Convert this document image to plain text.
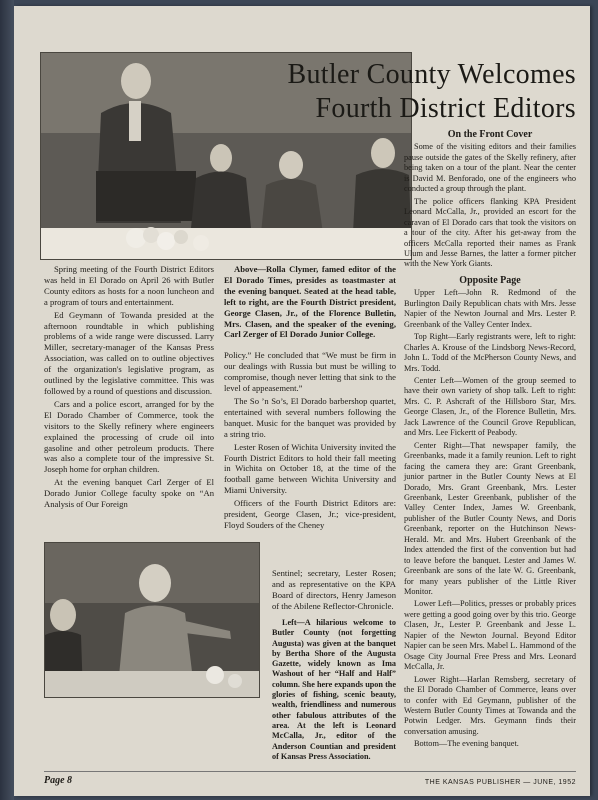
Butler County Welcomes
Fourth District Editors
On the Front Cover

Some of the visiting editors and their families pause outside the gates of the Skelly refinery, after being taken on a tour of the plant. Near the center is David M. Benforado, one of the engineers who conducted a group through the plant.

The police officers flanking KPA President Leonard McCalla, Jr., provided an escort for the caravan of El Dorado cars that took the visitors on a tour of the city. After his get-away from the officers McCalla reported their names as Frank Ulum and Jesse Barnes, the latter a former pitcher with the New York Giants.

Opposite Page

Upper Left—John R. Redmond of the Burlington Daily Republican chats with Mrs. Jesse Napier of the Newton Journal and Mrs. Lester P. Greenbank of the Valley Center Index.

Top Right—Early registrants were, left to right: Charles A. Krouse of the Lindsborg News-Record, John L. Todd of the McPherson County News, and Mrs. Todd.

Center Left—Women of the group seemed to have their own variety of shop talk. Left to right: Mrs. C. P. Ashcraft of the Hillsboro Star, Mrs. George Clasen, Jr., of the Florence Bulletin, Mrs. Jack Lawrence of the Council Grove Republican, and Mrs. Lee Fickertt of Peabody.

Center Right—That newspaper family, the Greenbanks, made it a family reunion. Left to right facing the camera they are: Grant Greenbank, junior partner in the Butler County News at El Dorado, Mrs. Grant Greenbank, Mrs. Lester Greenbank, Lester Greenbank, publisher of the Valley Center Index, James W. Greenbank, publisher of the Butler County News, and Doris Greenbank, reporter on the Hutchinson News-Herald. Mr. and Mrs. Hubert Greenbank of the Index attended the first of the convention but had to leave before the banquet. Lester and James W. Greenbank are sons of the late W. G. Greenbank, for many years publisher of the Little River Monitor.

Lower Left—Politics, presses or probably prices were getting a good going over by this trio. George Clasen, Jr., Lester P. Greenbank and Jesse L. Napier of the Newton Journal. Beyond Editor Napier can be seen Mrs. Mabel L. Hammond of the Osage City Journal Free Press and Mrs. Leonard McCalla, Jr.

Lower Right—Harlan Remsberg, secretary of the El Dorado Chamber of Commerce, leans over to confer with Ed Geymann, publisher of the Western Butler County Times at Towanda and the Potwin Ledger. Mrs. Geymann finds their conversation amusing.

Bottom—The evening banquet.

Spring meeting of the Fourth District Editors was held in El Dorado on April 26 with Butler County editors as hosts for a noon luncheon and a program of tours and entertainment.

Ed Geymann of Towanda presided at the afternoon roundtable in which publishing problems of a wide range were discussed. Larry Miller, secretary-manager of the Kansas Press Association, was called on to outline objectives of the organization's legislative program, as outlined by the legislative committee. This was followed by a round of questions and discussion.

Cars and a police escort, arranged for by the El Dorado Chamber of Commerce, took the visitors to the Skelly refinery where engineers explained the processing of crude oil into gasoline and other petroleum products. There was also a complete tour of the impressive St. Joseph home for orphan children.

At the evening banquet Carl Zerger of El Dorado Junior College faculty spoke on “An Analysis of Our Foreign

Above—Rolla Clymer, famed editor of the El Dorado Times, presides as toastmaster at the evening banquet. Seated at the head table, left to right, are the Fourth District president, George Clasen, Jr., of the Florence Bulletin, Mrs. Clasen, and the speaker of the evening, Carl Zerger of El Dorado Junior College.

Policy.” He concluded that “We must be firm in our dealings with Russia but must be willing to compromise, though never letting that sink to the level of appeasement.”

The So ’n So’s, El Dorado barbershop quartet, entertained with several numbers following the banquet. Music for the banquet was provided by a string trio.

Lester Rosen of Wichita University invited the Fourth District Editors to hold their fall meeting in Wichita on October 18, at the time of the football game between Wichita University and Miami University.

Officers of the Fourth District Editors are: president, George Clasen, Jr.; vice-president, Floyd Souders of the Cheney

Sentinel; secretary, Lester Rosen; and as representative on the KPA Board of directors, Henry Jameson of the Abilene Reflector-Chronicle.

Left—A hilarious welcome to Butler County (not forgetting Augusta) was given at the banquet by Bertha Shore of the Augusta Gazette, widely known as Ima Washout of her “Half and Half” column. She here expands upon the glories of fishing, scenic beauty, wealth, friendliness and numerous other fabulous attributes of the area. At the left is Leonard McCalla, Jr., editor of the Anderson Countian and president of Kansas Press Association.

Page 8	THE KANSAS PUBLISHER — JUNE, 1952
